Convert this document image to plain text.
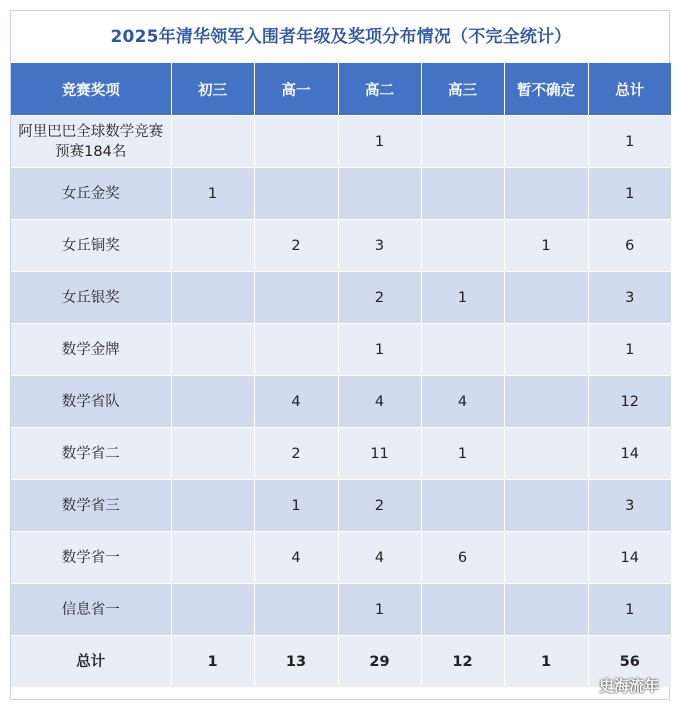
2025年清华领军入围者年级及奖项分布情况（不完全统计）
竞赛奖项	初三	高一	高二	高三	暂不确定	总计
阿里巴巴全球数学竞赛预赛184名			1			1
女丘金奖	1					1
女丘铜奖		2	3		1	6
女丘银奖			2	1		3
数学金牌			1			1
数学省队		4	4	4		12
数学省二		2	11	1		14
数学省三		1	2			3
数学省一		4	4	6		14
信息省一			1			1
总计	1	13	29	12	1	56
史海流年
